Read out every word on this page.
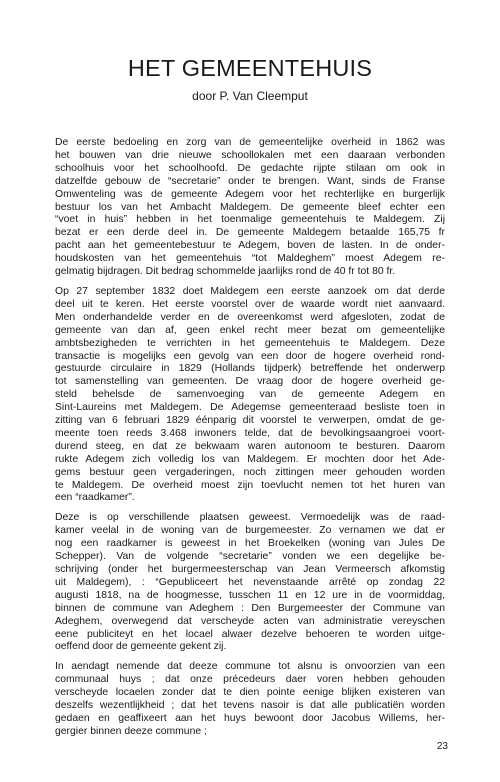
HET GEMEENTEHUIS
door P. Van Cleemput

De eerste bedoeling en zorg van de gemeentelijke overheid in 1862 was
het bouwen van drie nieuwe schoollokalen met een daaraan verbonden
schoolhuis voor het schoolhoofd. De gedachte rijpte stilaan om ook in
datzelfde gebouw de “secretarie” onder te brengen. Want, sinds de Franse
Omwenteling was de gemeente Adegem voor het rechterlijke en burgerlijk
bestuur los van het Ambacht Maldegem. De gemeente bleef echter een
“voet in huis” hebben in het toenmalige gemeentehuis te Maldegem. Zij
bezat er een derde deel in. De gemeente Maldegem betaalde 165,75 fr
pacht aan het gemeentebestuur te Adegem, boven de lasten. In de onder-
houdskosten van het gemeentehuis “tot Maldeghem” moest Adegem re-
gelmatig bijdragen. Dit bedrag schommelde jaarlijks rond de 40 fr tot 80 fr.

Op 27 september 1832 doet Maldegem een eerste aanzoek om dat derde
deel uit te keren. Het eerste voorstel over de waarde wordt niet aanvaard.
Men onderhandelde verder en de overeenkomst werd afgesloten, zodat de
gemeente van dan af, geen enkel recht meer bezat om gemeentelijke
ambtsbezigheden te verrichten in het gemeentehuis te Maldegem. Deze
transactie is mogelijks een gevolg van een door de hogere overheid rond-
gestuurde circulaire in 1829 (Hollands tijdperk) betreffende het onderwerp
tot samenstelling van gemeenten. De vraag door de hogere overheid ge-
steld behelsde de samenvoeging van de gemeente Adegem en
Sint-Laureins met Maldegem. De Adegemse gemeenteraad besliste toen in
zitting van 6 februari 1829 éénparig dit voorstel te verwerpen, omdat de ge-
meente toen reeds 3.468 inwoners telde, dat de bevolkingsaangroei voort-
durend steeg, en dat ze bekwaam waren autonoom te besturen. Daarom
rukte Adegem zich volledig los van Maldegem. Er mochten door het Ade-
gems bestuur geen vergaderingen, noch zittingen meer gehouden worden
te Maldegem. De overheid moest zijn toevlucht nemen tot het huren van
een “raadkamer”.

Deze is op verschillende plaatsen geweest. Vermoedelijk was de raad-
kamer veelal in de woning van de burgemeester. Zo vernamen we dat er
nog een raadkamer is geweest in het Broekelken (woning van Jules De
Schepper). Van de volgende “secretarie” vonden we een degelijke be-
schrijving (onder het burgermeesterschap van Jean Vermeersch afkomstig
uit Maldegem), : “Gepubliceert het nevenstaande arrêté op zondag 22
augusti 1818, na de hoogmesse, tusschen 11 en 12 ure in de voormiddag,
binnen de commune van Adeghem : Den Burgemeester der Commune van
Adeghem, overwegend dat verscheyde acten van administratie vereyschen
eene publiciteyt en het locael alwaer dezelve behoeren te worden uitge-
oeffend door de gemeente gekent zij.

In aendagt nemende dat deeze commune tot alsnu is onvoorzien van een
communaal huys ; dat onze précedeurs daer voren hebben gehouden
verscheyde locaelen zonder dat te dien pointe eenige blijken existeren van
deszelfs wezentlijkheid ; dat het tevens nasoir is dat alle publicatiën worden
gedaen en geaffixeert aan het huys bewoont door Jacobus Willems, her-
gergier binnen deeze commune ;

23
